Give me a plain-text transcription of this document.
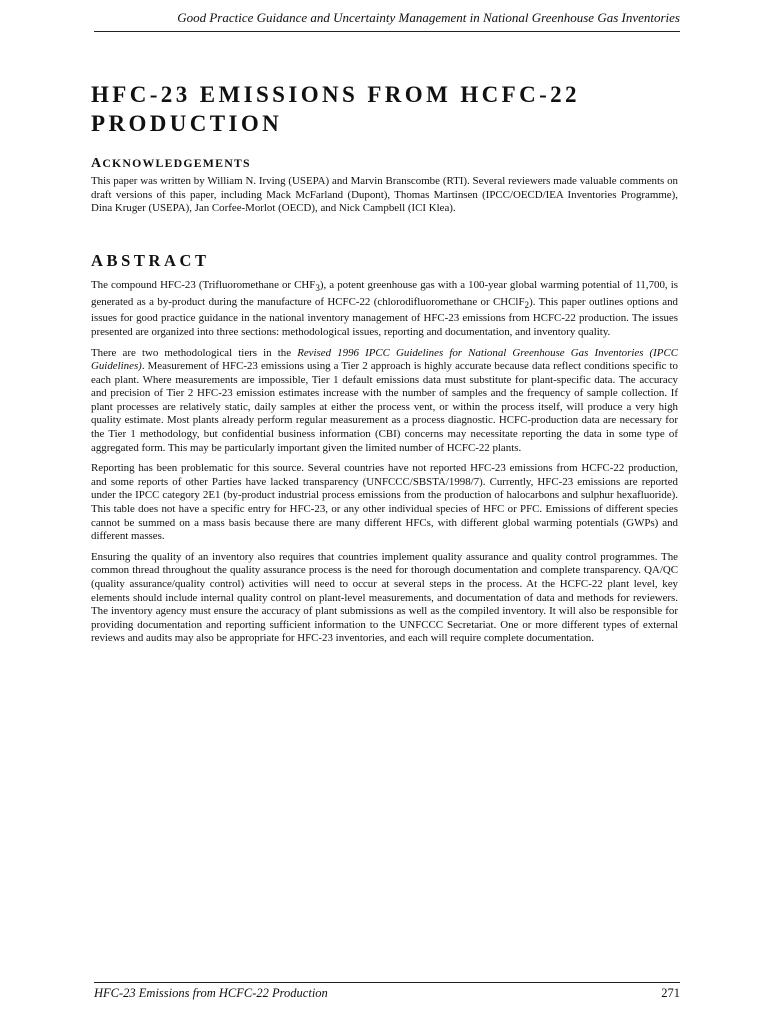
Good Practice Guidance and Uncertainty Management in National Greenhouse Gas Inventories
HFC-23 EMISSIONS FROM HCFC-22
PRODUCTION
ACKNOWLEDGEMENTS

This paper was written by William N. Irving (USEPA) and Marvin Branscombe (RTI). Several reviewers made valuable comments on draft versions of this paper, including Mack McFarland (Dupont), Thomas Martinsen (IPCC/OECD/IEA Inventories Programme), Dina Kruger (USEPA), Jan Corfee-Morlot (OECD), and Nick Campbell (ICI Klea).

ABSTRACT

The compound HFC-23 (Trifluoromethane or $CHF_3$), a potent greenhouse gas with a 100-year global warming potential of 11,700, is generated as a by-product during the manufacture of HCFC-22 (chlorodifluoromethane or CHClF$_2$). This paper outlines options and issues for good practice guidance in the national inventory management of HFC-23 emissions from HCFC-22 production. The issues presented are organized into three sections: methodological issues, reporting and documentation, and inventory quality.

There are two methodological tiers in the Revised 1996 IPCC Guidelines for National Greenhouse Gas Inventories (IPCC Guidelines). Measurement of HFC-23 emissions using a Tier 2 approach is highly accurate because data reflect conditions specific to each plant. Where measurements are impossible, Tier 1 default emissions data must substitute for plant-specific data. The accuracy and precision of Tier 2 HFC-23 emission estimates increase with the number of samples and the frequency of sample collection. If plant processes are relatively static, daily samples at either the process vent, or within the process itself, will produce a very high quality estimate. Most plants already perform regular measurement as a process diagnostic. HCFC-production data are necessary for the Tier 1 methodology, but confidential business information (CBI) concerns may necessitate reporting the data in some type of aggregated form. This may be particularly important given the limited number of HCFC-22 plants.

Reporting has been problematic for this source. Several countries have not reported HFC-23 emissions from HCFC-22 production, and some reports of other Parties have lacked transparency (UNFCCC/SBSTA/1998/7). Currently, HFC-23 emissions are reported under the IPCC category 2E1 (by-product industrial process emissions from the production of halocarbons and sulphur hexafluoride). This table does not have a specific entry for HFC-23, or any other individual species of HFC or PFC. Emissions of different species cannot be summed on a mass basis because there are many different HFCs, with different global warming potentials (GWPs) and different masses.

Ensuring the quality of an inventory also requires that countries implement quality assurance and quality control programmes. The common thread throughout the quality assurance process is the need for thorough documentation and complete transparency. QA/QC (quality assurance/quality control) activities will need to occur at several steps in the process. At the HCFC-22 plant level, key elements should include internal quality control on plant-level measurements, and documentation of data and methods for reviewers. The inventory agency must ensure the accuracy of plant submissions as well as the compiled inventory. It will also be responsible for providing documentation and reporting sufficient information to the UNFCCC Secretariat. One or more different types of external reviews and audits may also be appropriate for HFC-23 inventories, and each will require complete documentation.

HFC-23 Emissions from HCFC-22 Production	271
